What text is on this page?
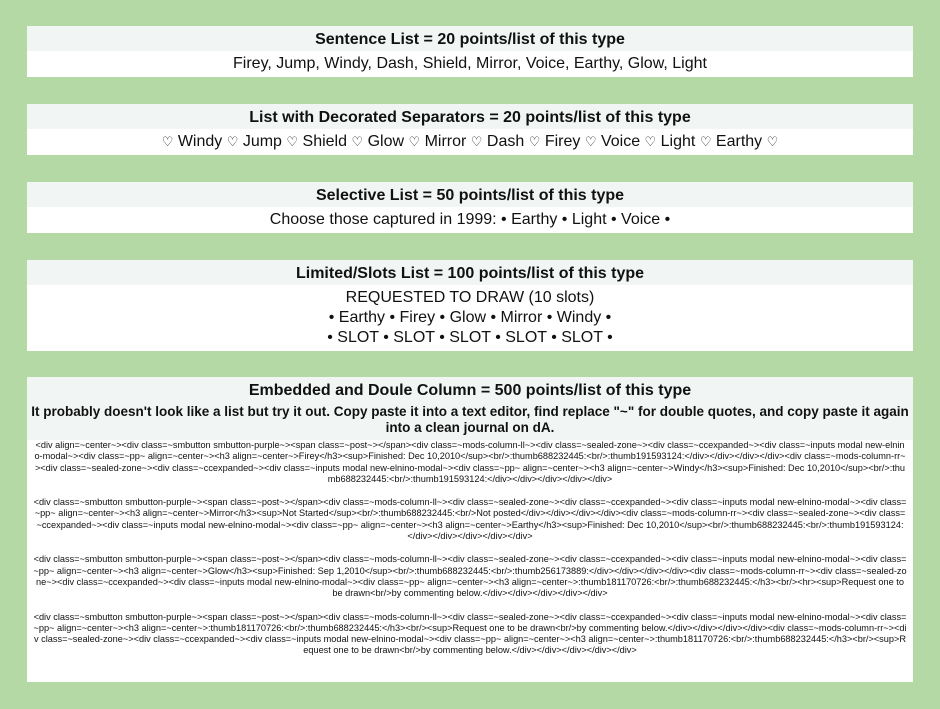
Sentence List = 20 points/list of this type
Firey, Jump, Windy, Dash, Shield, Mirror, Voice, Earthy, Glow, Light
List with Decorated Separators = 20 points/list of this type
♡ Windy ♡ Jump ♡ Shield ♡ Glow ♡ Mirror ♡ Dash ♡ Firey ♡ Voice ♡ Light ♡ Earthy ♡
Selective List = 50 points/list of this type
Choose those captured in 1999: • Earthy • Light • Voice •
Limited/Slots List = 100 points/list of this type
REQUESTED TO DRAW (10 slots)
• Earthy • Firey • Glow • Mirror • Windy •
• SLOT • SLOT • SLOT • SLOT • SLOT •
Embedded and Doule Column = 500 points/list of this type
It probably doesn't look like a list but try it out. Copy paste it into a text editor, find replace "~" for double quotes, and copy paste it again into a clean journal on dA.
<div align=~center~><div class=~smbutton smbutton-purple~><span class=~post~></span><div class=~mods-column-ll~><div class=~sealed-zone~><div class=~ccexpanded~><div class=~inputs modal new-elnino-modal~><div class=~pp~ align=~center~><h3 align=~center~>Firey</h3><sup>Finished: Dec 10,2010</sup><br/>:thumb688232445:<br/>:thumb191593124:</div></div></div></div><div class=~mods-column-rr~><div class=~sealed-zone~><div class=~ccexpanded~><div class=~inputs modal new-elnino-modal~><div class=~pp~ align=~center~><h3 align=~center~>Windy</h3><sup>Finished: Dec 10,2010</sup><br/>:thumb688232445:<br/>:thumb191593124:</div></div></div></div></div>
<div class=~smbutton smbutton-purple~><span class=~post~></span><div class=~mods-column-ll~><div class=~sealed-zone~><div class=~ccexpanded~><div class=~inputs modal new-elnino-modal~><div class=~pp~ align=~center~><h3 align=~center~>Mirror</h3><sup>Not Started</sup><br/>:thumb688232445:<br/>Not posted</div></div></div></div><div class=~mods-column-rr~><div class=~sealed-zone~><div class=~ccexpanded~><div class=~inputs modal new-elnino-modal~><div class=~pp~ align=~center~><h3 align=~center~>Earthy</h3><sup>Finished: Dec 10,2010</sup><br/>:thumb688232445:<br/>:thumb191593124:</div></div></div></div></div>
<div class=~smbutton smbutton-purple~><span class=~post~></span><div class=~mods-column-ll~><div class=~sealed-zone~><div class=~ccexpanded~><div class=~inputs modal new-elnino-modal~><div class=~pp~ align=~center~><h3 align=~center~>Glow</h3><sup>Finished: Sep 1,2010</sup><br/>:thumb688232445:<br/>:thumb256173889:</div></div></div></div><div class=~mods-column-rr~><div class=~sealed-zone~><div class=~ccexpanded~><div class=~inputs modal new-elnino-modal~><div class=~pp~ align=~center~><h3 align=~center~>:thumb181170726:<br/>:thumb688232445:</h3><br/><hr><sup>Request one to be drawn<br/>by commenting below.</div></div></div></div></div>
<div class=~smbutton smbutton-purple~><span class=~post~></span><div class=~mods-column-ll~><div class=~sealed-zone~><div class=~ccexpanded~><div class=~inputs modal new-elnino-modal~><div class=~pp~ align=~center~><h3 align=~center~>:thumb181170726:<br/>:thumb688232445:</h3><br/><sup>Request one to be drawn<br/>by commenting below.</div></div></div></div><div class=~mods-column-rr~><div class=~sealed-zone~><div class=~ccexpanded~><div class=~inputs modal new-elnino-modal~><div class=~pp~ align=~center~><h3 align=~center~>:thumb181170726:<br/>:thumb688232445:</h3><br/><sup>Request one to be drawn<br/>by commenting below.</div></div></div></div></div>
